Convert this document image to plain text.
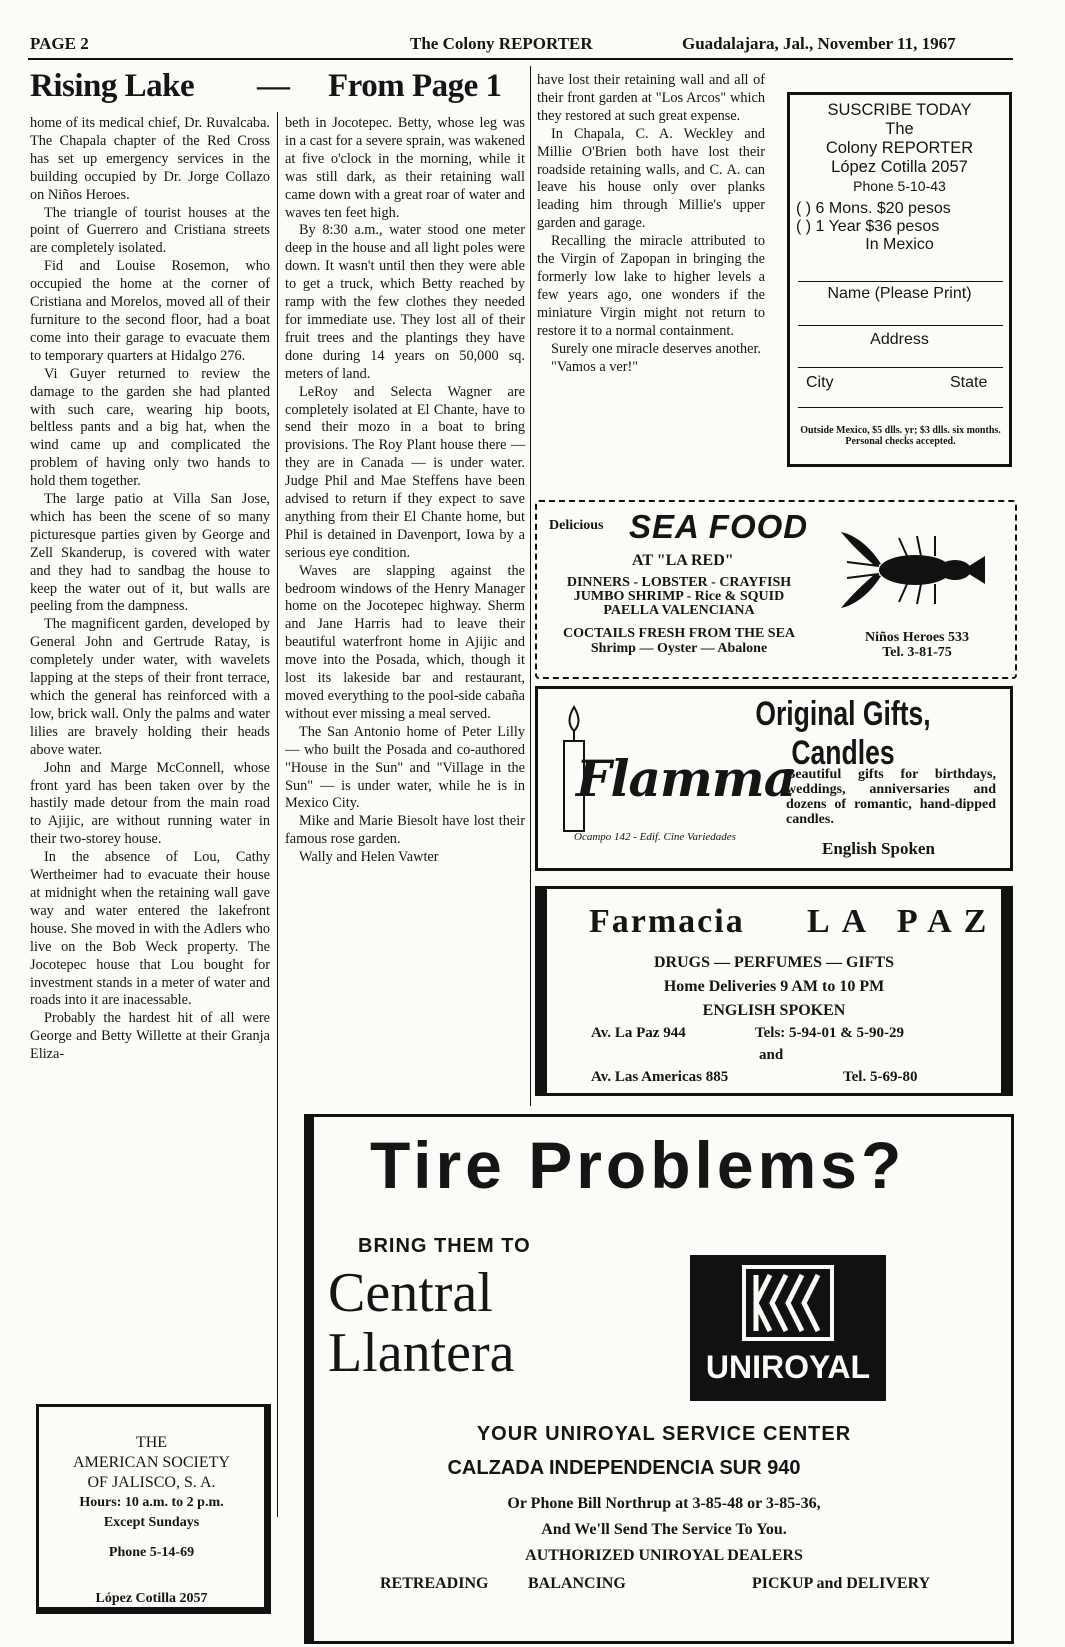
PAGE 2	The Colony REPORTER	Guadalajara, Jal., November 11, 1967
Rising Lake — From Page 1

home of its medical chief, Dr. Ruvalcaba. The Chapala chapter of the Red Cross has set up emergency services in the building occupied by Dr. Jorge Collazo on Niños Heroes.

The triangle of tourist houses at the point of Guerrero and Cristiana streets are completely isolated.

Fid and Louise Rosemon, who occupied the home at the corner of Cristiana and Morelos, moved all of their furniture to the second floor, had a boat come into their garage to evacuate them to temporary quarters at Hidalgo 276.

Vi Guyer returned to review the damage to the garden she had planted with such care, wearing hip boots, beltless pants and a big hat, when the wind came up and complicated the problem of having only two hands to hold them together.

The large patio at Villa San Jose, which has been the scene of so many picturesque parties given by George and Zell Skanderup, is covered with water and they had to sandbag the house to keep the water out of it, but walls are peeling from the dampness.

The magnificent garden, developed by General John and Gertrude Ratay, is completely under water, with wavelets lapping at the steps of their front terrace, which the general has reinforced with a low, brick wall. Only the palms and water lilies are bravely holding their heads above water.

John and Marge McConnell, whose front yard has been taken over by the hastily made detour from the main road to Ajijic, are without running water in their two-storey house.

In the absence of Lou, Cathy Wertheimer had to evacuate their house at midnight when the retaining wall gave way and water entered the lakefront house. She moved in with the Adlers who live on the Bob Weck property. The Jocotepec house that Lou bought for investment stands in a meter of water and roads into it are inacessable.

Probably the hardest hit of all were George and Betty Willette at their Granja Eliza-

beth in Jocotepec. Betty, whose leg was in a cast for a severe sprain, was wakened at five o'clock in the morning, while it was still dark, as their retaining wall came down with a great roar of water and waves ten feet high.

By 8:30 a.m., water stood one meter deep in the house and all light poles were down. It wasn't until then they were able to get a truck, which Betty reached by ramp with the few clothes they needed for immediate use. They lost all of their fruit trees and the plantings they have done during 14 years on 50,000 sq. meters of land.

LeRoy and Selecta Wagner are completely isolated at El Chante, have to send their mozo in a boat to bring provisions. The Roy Plant house there — they are in Canada — is under water. Judge Phil and Mae Steffens have been advised to return if they expect to save anything from their El Chante home, but Phil is detained in Davenport, Iowa by a serious eye condition.

Waves are slapping against the bedroom windows of the Henry Manager home on the Jocotepec highway. Sherm and Jane Harris had to leave their beautiful waterfront home in Ajijic and move into the Posada, which, though it lost its lakeside bar and restaurant, moved everything to the pool-side cabaña without ever missing a meal served.

The San Antonio home of Peter Lilly — who built the Posada and co-authored "House in the Sun" and "Village in the Sun" — is under water, while he is in Mexico City.

Mike and Marie Biesolt have lost their famous rose garden.

Wally and Helen Vawter

have lost their retaining wall and all of their front garden at "Los Arcos" which they restored at such great expense.

In Chapala, C. A. Weckley and Millie O'Brien both have lost their roadside retaining walls, and C. A. can leave his house only over planks leading him through Millie's upper garden and garage.

Recalling the miracle attributed to the Virgin of Zapopan in bringing the formerly low lake to higher levels a few years ago, one wonders if the miniature Virgin might not return to restore it to a normal containment.

Surely one miracle deserves another.

"Vamos a ver!"

SUSCRIBE TODAY
The
Colony REPORTER
López Cotilla 2057
Phone 5-10-43
( ) 6 Mons. $20 pesos
( ) 1 Year $36 pesos
In Mexico
Name (Please Print)
Address
City	State
Outside Mexico, $5 dlls. yr; $3 dlls. six months. Personal checks accepted.
Delicious SEA FOOD
AT "LA RED"
DINNERS - LOBSTER - CRAYFISH
JUMBO SHRIMP - Rice & SQUID
PAELLA VALENCIANA
COCTAILS FRESH FROM THE SEA
Shrimp — Oyster — Abalone
Niños Heroes 533
Tel. 3-81-75
Original Gifts, Candles
Flamma
Ocampo 142 - Edif. Cine Variedades
Beautiful gifts for birthdays, weddings, anniversaries and dozens of romantic, hand-dipped candles.
English Spoken
Farmacia LA PAZ
DRUGS — PERFUMES — GIFTS
Home Deliveries 9 AM to 10 PM
ENGLISH SPOKEN
Av. La Paz 944	Tels: 5-94-01 & 5-90-29
and
Av. Las Americas 885	Tel. 5-69-80
THE
AMERICAN SOCIETY
OF JALISCO, S. A.
Hours: 10 a.m. to 2 p.m.
Except Sundays
Phone 5-14-69
López Cotilla 2057
Tire Problems?
BRING THEM TO
Central
Llantera	UNIROYAL
YOUR UNIROYAL SERVICE CENTER
CALZADA INDEPENDENCIA SUR 940
Or Phone Bill Northrup at 3-85-48 or 3-85-36,
And We'll Send The Service To You.
AUTHORIZED UNIROYAL DEALERS
RETREADING BALANCING	PICKUP and DELIVERY
